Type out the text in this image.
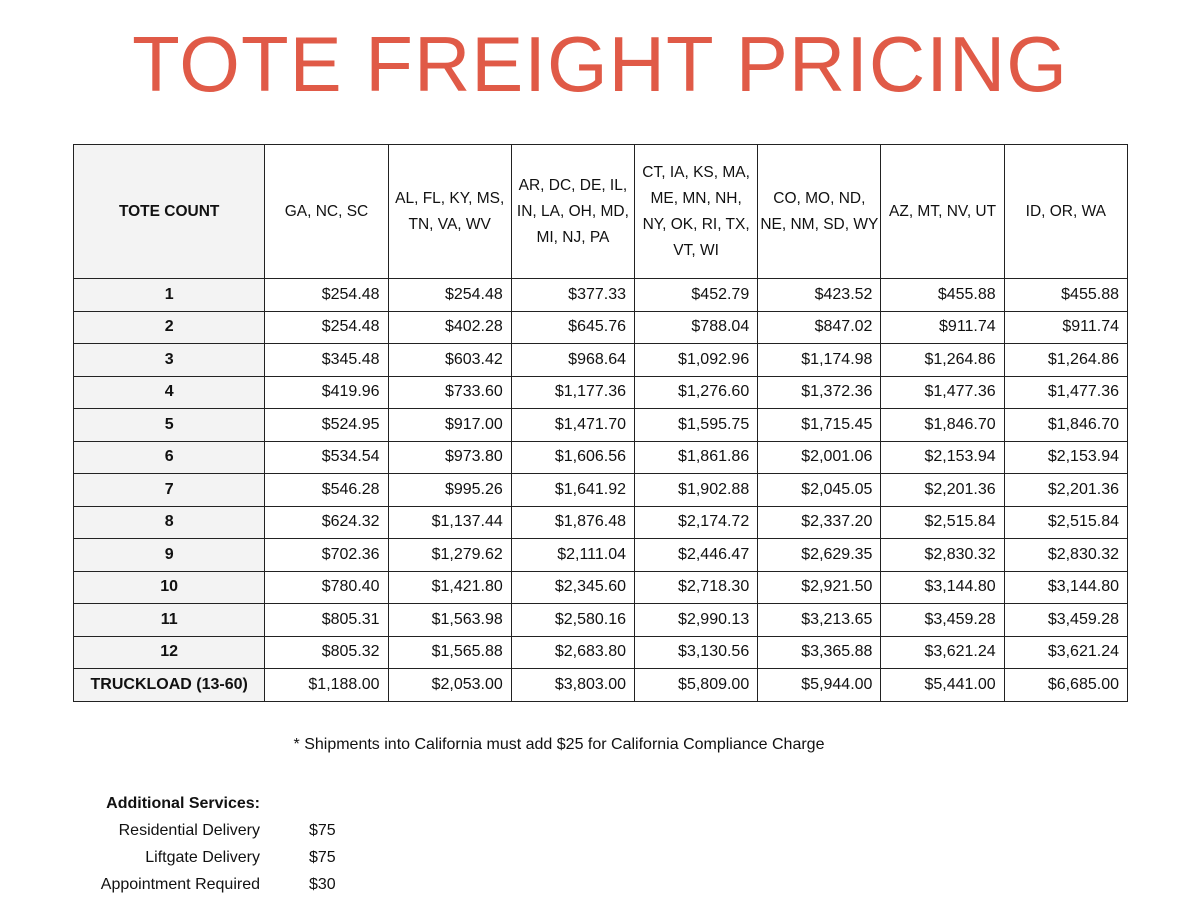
TOTE FREIGHT PRICING
TOTE COUNT	GA, NC, SC	AL, FL, KY, MS, TN, VA, WV	AR, DC, DE, IL, IN, LA, OH, MD, MI, NJ, PA	CT, IA, KS, MA, ME, MN, NH, NY, OK, RI, TX, VT, WI	CO, MO, ND, NE, NM, SD, WY	AZ, MT, NV, UT	ID, OR, WA
1	$254.48	$254.48	$377.33	$452.79	$423.52	$455.88	$455.88
2	$254.48	$402.28	$645.76	$788.04	$847.02	$911.74	$911.74
3	$345.48	$603.42	$968.64	$1,092.96	$1,174.98	$1,264.86	$1,264.86
4	$419.96	$733.60	$1,177.36	$1,276.60	$1,372.36	$1,477.36	$1,477.36
5	$524.95	$917.00	$1,471.70	$1,595.75	$1,715.45	$1,846.70	$1,846.70
6	$534.54	$973.80	$1,606.56	$1,861.86	$2,001.06	$2,153.94	$2,153.94
7	$546.28	$995.26	$1,641.92	$1,902.88	$2,045.05	$2,201.36	$2,201.36
8	$624.32	$1,137.44	$1,876.48	$2,174.72	$2,337.20	$2,515.84	$2,515.84
9	$702.36	$1,279.62	$2,111.04	$2,446.47	$2,629.35	$2,830.32	$2,830.32
10	$780.40	$1,421.80	$2,345.60	$2,718.30	$2,921.50	$3,144.80	$3,144.80
11	$805.31	$1,563.98	$2,580.16	$2,990.13	$3,213.65	$3,459.28	$3,459.28
12	$805.32	$1,565.88	$2,683.80	$3,130.56	$3,365.88	$3,621.24	$3,621.24
TRUCKLOAD (13-60)	$1,188.00	$2,053.00	$3,803.00	$5,809.00	$5,944.00	$5,441.00	$6,685.00
* Shipments into California must add $25 for California Compliance Charge
Additional Services:
Residential Delivery	$75
Liftgate Delivery	$75
Appointment Required	$30
